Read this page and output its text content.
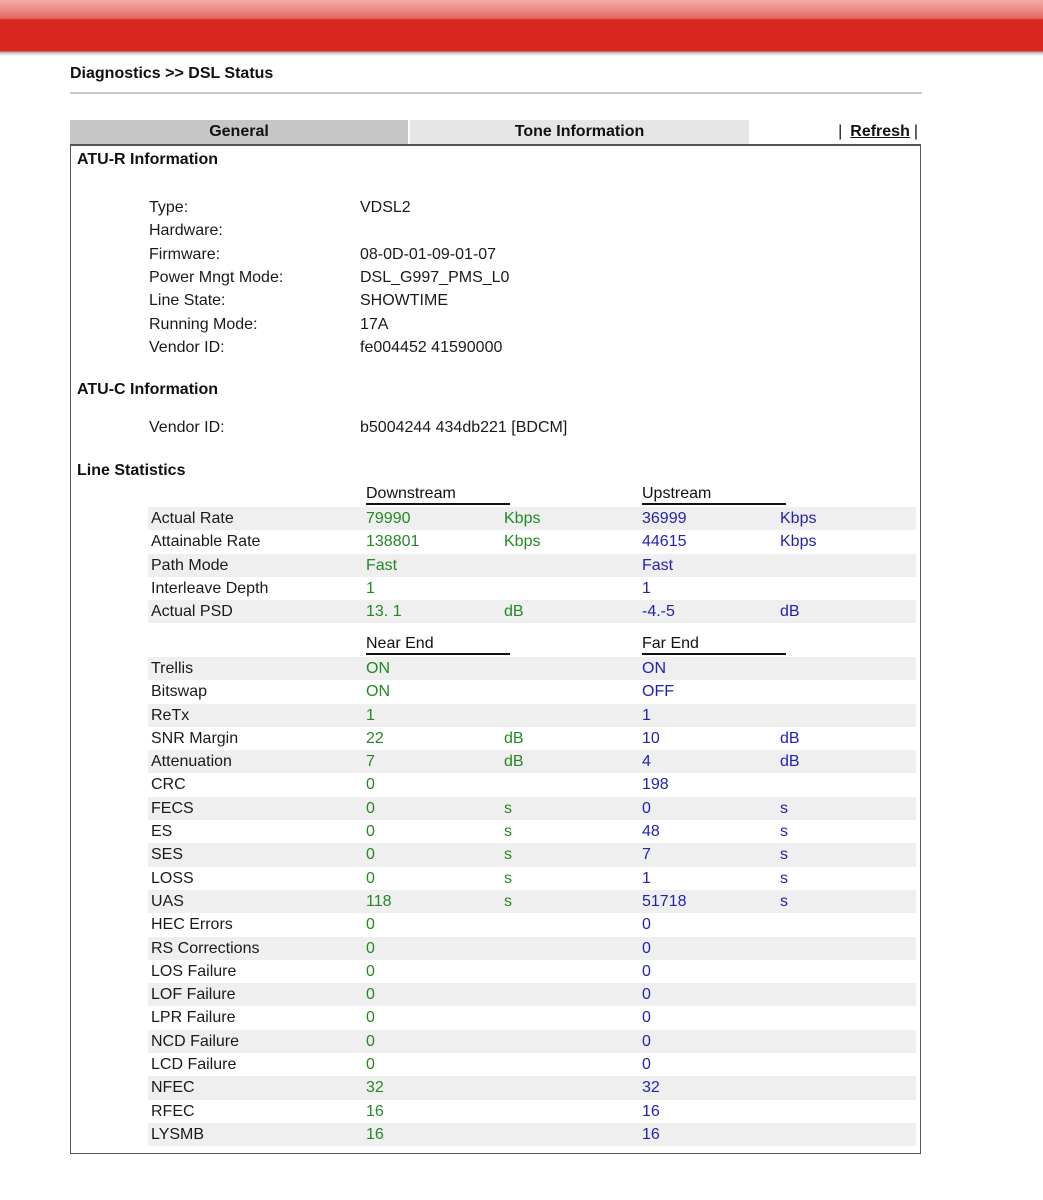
Diagnostics >> DSL Status
General	Tone Information	| Refresh |
ATU-R Information
Type:	VDSL2
Hardware:
Firmware:	08-0D-01-09-01-07
Power Mngt Mode:	DSL_G997_PMS_L0
Line State:	SHOWTIME
Running Mode:	17A
Vendor ID:	fe004452 41590000
ATU-C Information
Vendor ID:	b5004244 434db221 [BDCM]
Line Statistics
Downstream	Upstream
Actual Rate	79990	Kbps	36999	Kbps
Attainable Rate	138801	Kbps	44615	Kbps
Path Mode	Fast	Fast
Interleave Depth	1	1
Actual PSD	13. 1	dB	-4.-5	dB
Near End	Far End
Trellis	ON	ON
Bitswap	ON	OFF
ReTx	1	1
SNR Margin	22	dB	10	dB
Attenuation	7	dB	4	dB
CRC	0	198
FECS	0	s	0	s
ES	0	s	48	s
SES	0	s	7	s
LOSS	0	s	1	s
UAS	118	s	51718	s
HEC Errors	0	0
RS Corrections	0	0
LOS Failure	0	0
LOF Failure	0	0
LPR Failure	0	0
NCD Failure	0	0
LCD Failure	0	0
NFEC	32	32
RFEC	16	16
LYSMB	16	16
